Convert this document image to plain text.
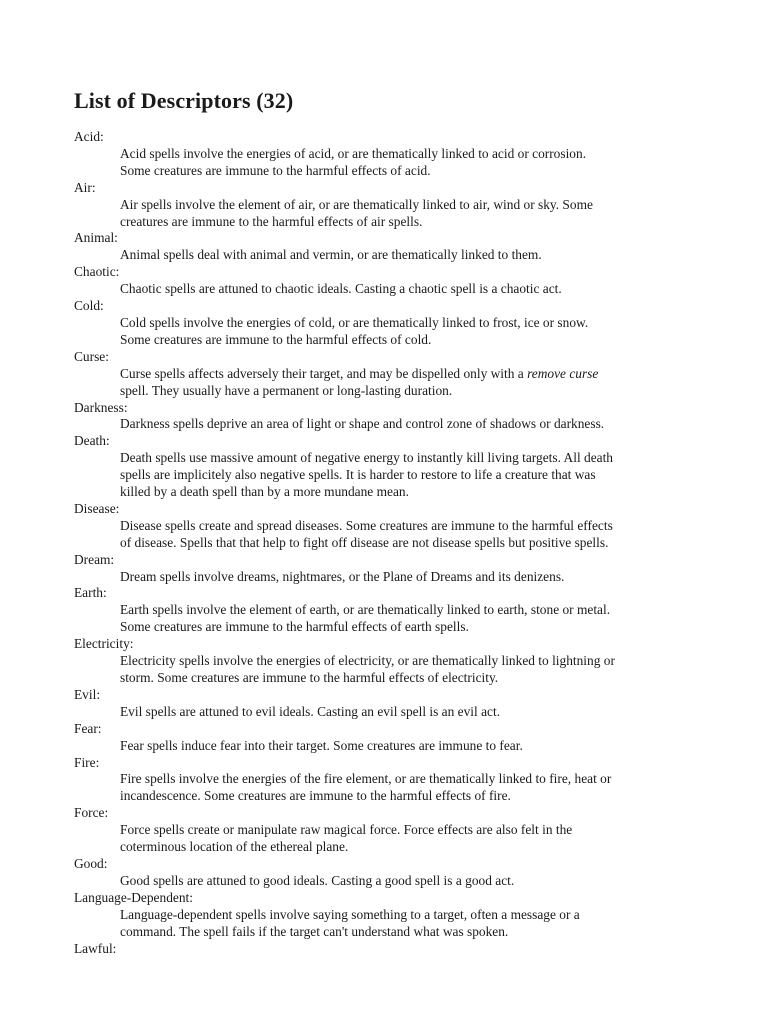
List of Descriptors (32)
Acid:
Acid spells involve the energies of acid, or are thematically linked to acid or corrosion.
Some creatures are immune to the harmful effects of acid.
Air:
Air spells involve the element of air, or are thematically linked to air, wind or sky. Some
creatures are immune to the harmful effects of air spells.
Animal:
Animal spells deal with animal and vermin, or are thematically linked to them.
Chaotic:
Chaotic spells are attuned to chaotic ideals. Casting a chaotic spell is a chaotic act.
Cold:
Cold spells involve the energies of cold, or are thematically linked to frost, ice or snow.
Some creatures are immune to the harmful effects of cold.
Curse:
Curse spells affects adversely their target, and may be dispelled only with a remove curse
spell. They usually have a permanent or long-lasting duration.
Darkness:
Darkness spells deprive an area of light or shape and control zone of shadows or darkness.
Death:
Death spells use massive amount of negative energy to instantly kill living targets. All death
spells are implicitely also negative spells. It is harder to restore to life a creature that was
killed by a death spell than by a more mundane mean.
Disease:
Disease spells create and spread diseases. Some creatures are immune to the harmful effects
of disease. Spells that that help to fight off disease are not disease spells but positive spells.
Dream:
Dream spells involve dreams, nightmares, or the Plane of Dreams and its denizens.
Earth:
Earth spells involve the element of earth, or are thematically linked to earth, stone or metal.
Some creatures are immune to the harmful effects of earth spells.
Electricity:
Electricity spells involve the energies of electricity, or are thematically linked to lightning or
storm. Some creatures are immune to the harmful effects of electricity.
Evil:
Evil spells are attuned to evil ideals. Casting an evil spell is an evil act.
Fear:
Fear spells induce fear into their target. Some creatures are immune to fear.
Fire:
Fire spells involve the energies of the fire element, or are thematically linked to fire, heat or
incandescence. Some creatures are immune to the harmful effects of fire.
Force:
Force spells create or manipulate raw magical force. Force effects are also felt in the
coterminous location of the ethereal plane.
Good:
Good spells are attuned to good ideals. Casting a good spell is a good act.
Language-Dependent:
Language-dependent spells involve saying something to a target, often a message or a
command. The spell fails if the target can't understand what was spoken.
Lawful:
